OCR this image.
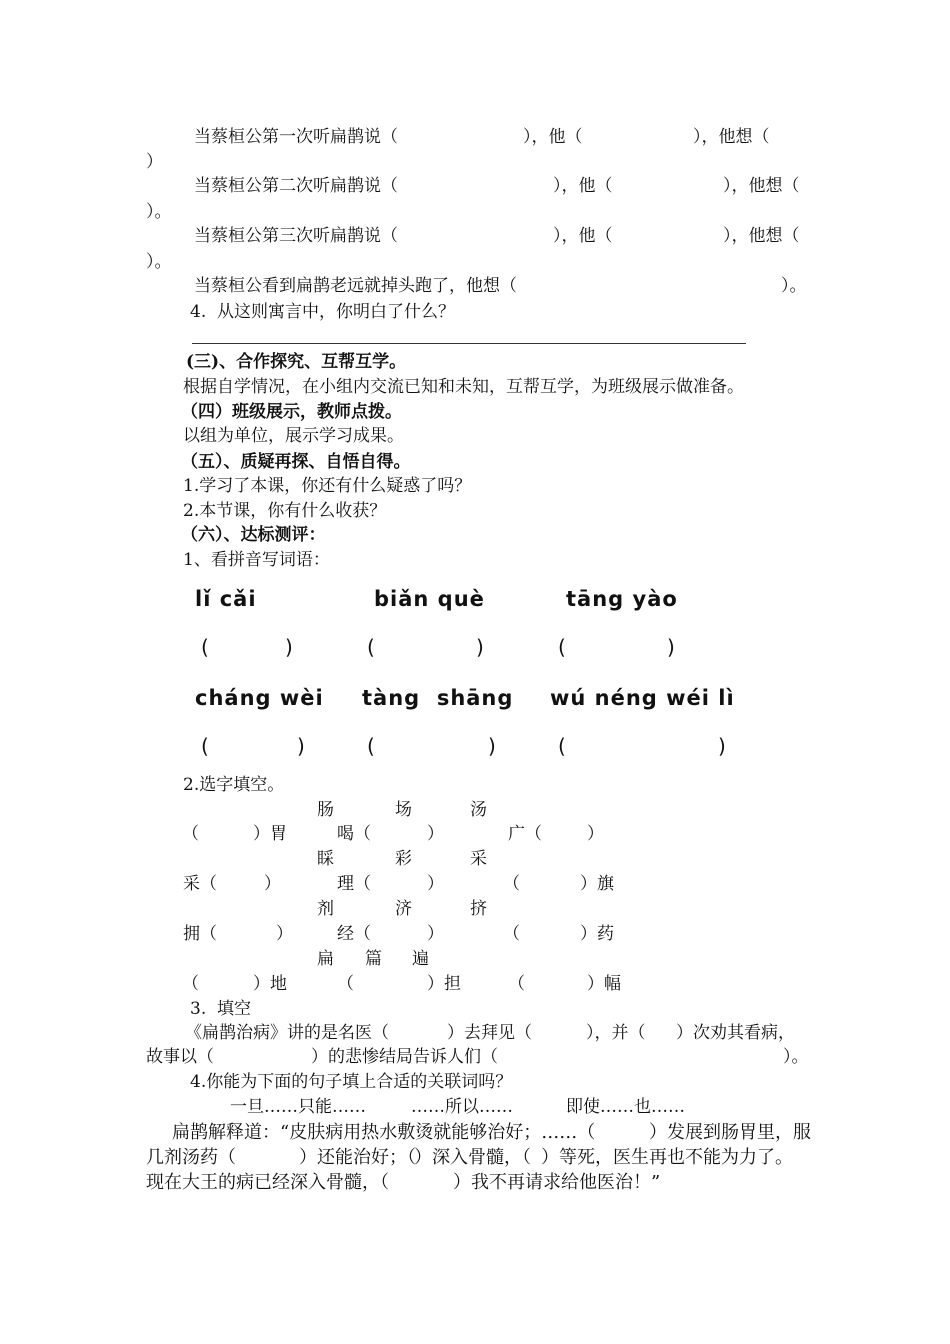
当蔡桓公第一次听扁鹊说（	），他（	），他想（
）
当蔡桓公第二次听扁鹊说（	），他（	），他想（
）。
当蔡桓公第三次听扁鹊说（	），他（	），他想（
）。
当蔡桓公看到扁鹊老远就掉头跑了，他想（	）。
4.  从这则寓言中，你明白了什么？
(三)、合作探究、互帮互学。
根据自学情况，在小组内交流已知和未知，互帮互学，为班级展示做准备。
（四）班级展示，教师点拨。
以组为单位，展示学习成果。
（五）、质疑再探、自悟自得。
1.学习了本课，你还有什么疑惑了吗？
2.本节课，你有什么收获？
（六）、达标测评：
1、看拼音写词语：
lǐ cǎi	biǎn què	tāng yào
(	)	(	)	(	)
cháng wèi tàng  shāng wú néng wéi lì
(	)	(	)	(	)
2.选字填空。
肠	场	汤
（	）胃	喝（	）	广（	）
睬	彩	采
采（	）	理（	）	（	）旗
剂	济	挤
拥（	）	经（	）	（	）药
扁 篇 遍
（	）地	（	）担	（	）幅
3.  填空
《扁鹊治病》讲的是名医（	）去拜见（	），并（ ）次劝其看病，
故事以（	）的悲惨结局告诉人们（	）。
4.你能为下面的句子填上合适的关联词吗？
一旦……只能……	……所以……	即使……也……
扁鹊解释道：“皮肤病用热水敷烫就能够治好；……（	）发展到肠胃里，服
几剂汤药（	）还能治好；（
）深入骨髓，（ ）等死，医生再也不能为力了。
现在大王的病已经深入骨髓，（	）我不再请求给他医治！”
